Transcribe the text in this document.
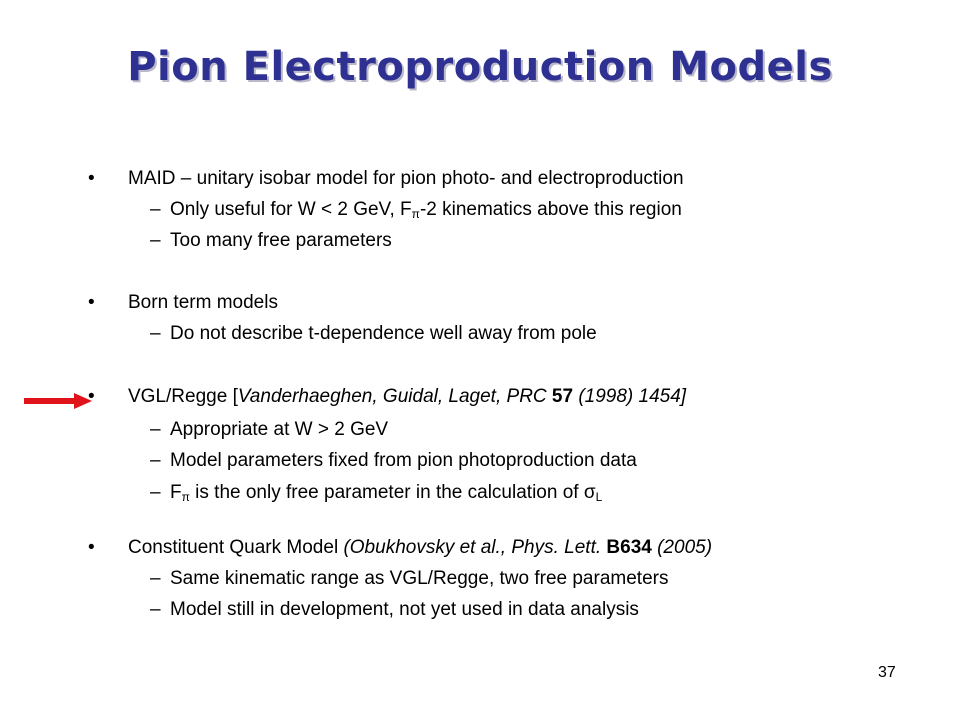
Pion Electroproduction Models
• MAID – unitary isobar model for pion photo- and electroproduction
– Only useful for W < 2 GeV, Fπ-2 kinematics above this region
– Too many free parameters
• Born term models
– Do not describe t-dependence well away from pole
• VGL/Regge [Vanderhaeghen, Guidal, Laget, PRC 57 (1998) 1454]
– Appropriate at W > 2 GeV
– Model parameters fixed from pion photoproduction data
– Fπ is the only free parameter in the calculation of σL
• Constituent Quark Model (Obukhovsky et al., Phys. Lett. B634 (2005)
– Same kinematic range as VGL/Regge, two free parameters
– Model still in development, not yet used in data analysis
37
